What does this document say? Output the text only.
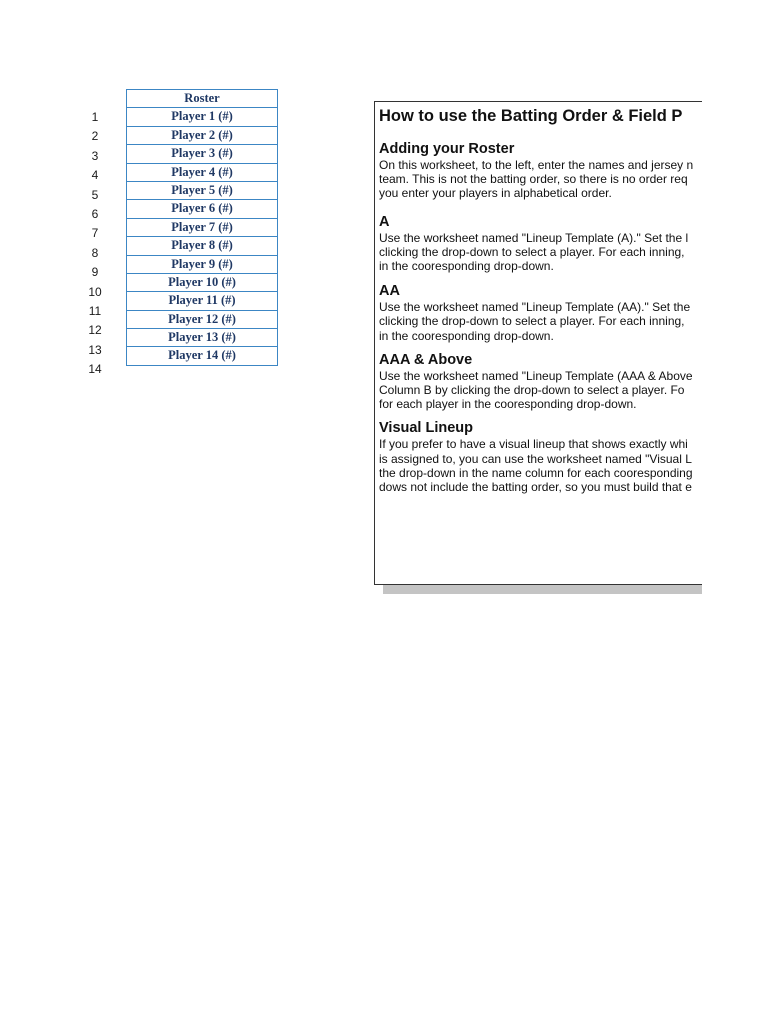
1
2
3
4
5
6
7
8
9
10
11
12
13
14
Roster
Player 1 (#)
Player 2 (#)
Player 3 (#)
Player 4 (#)
Player 5 (#)
Player 6 (#)
Player 7 (#)
Player 8 (#)
Player 9 (#)
Player 10 (#)
Player 11 (#)
Player 12 (#)
Player 13 (#)
Player 14 (#)
How to use the Batting Order & Field P
Adding your Roster
On this worksheet, to the left, enter the names and jersey n
team. This is not the batting order, so there is no order req
you enter your players in alphabetical order.
A
Use the worksheet named "Lineup Template (A)." Set the l
clicking the drop-down to select a player. For each inning,
in the cooresponding drop-down.
AA
Use the worksheet named "Lineup Template (AA)." Set the
clicking the drop-down to select a player. For each inning,
in the cooresponding drop-down.
AAA & Above
Use the worksheet named "Lineup Template (AAA & Above
Column B by clicking the drop-down to select a player. Fo
for each player in the cooresponding drop-down.
Visual Lineup
If you prefer to have a visual lineup that shows exactly whi
is assigned to, you can use the worksheet named "Visual L
the drop-down in the name column for each cooresponding
dows not include the batting order, so you must build that e
